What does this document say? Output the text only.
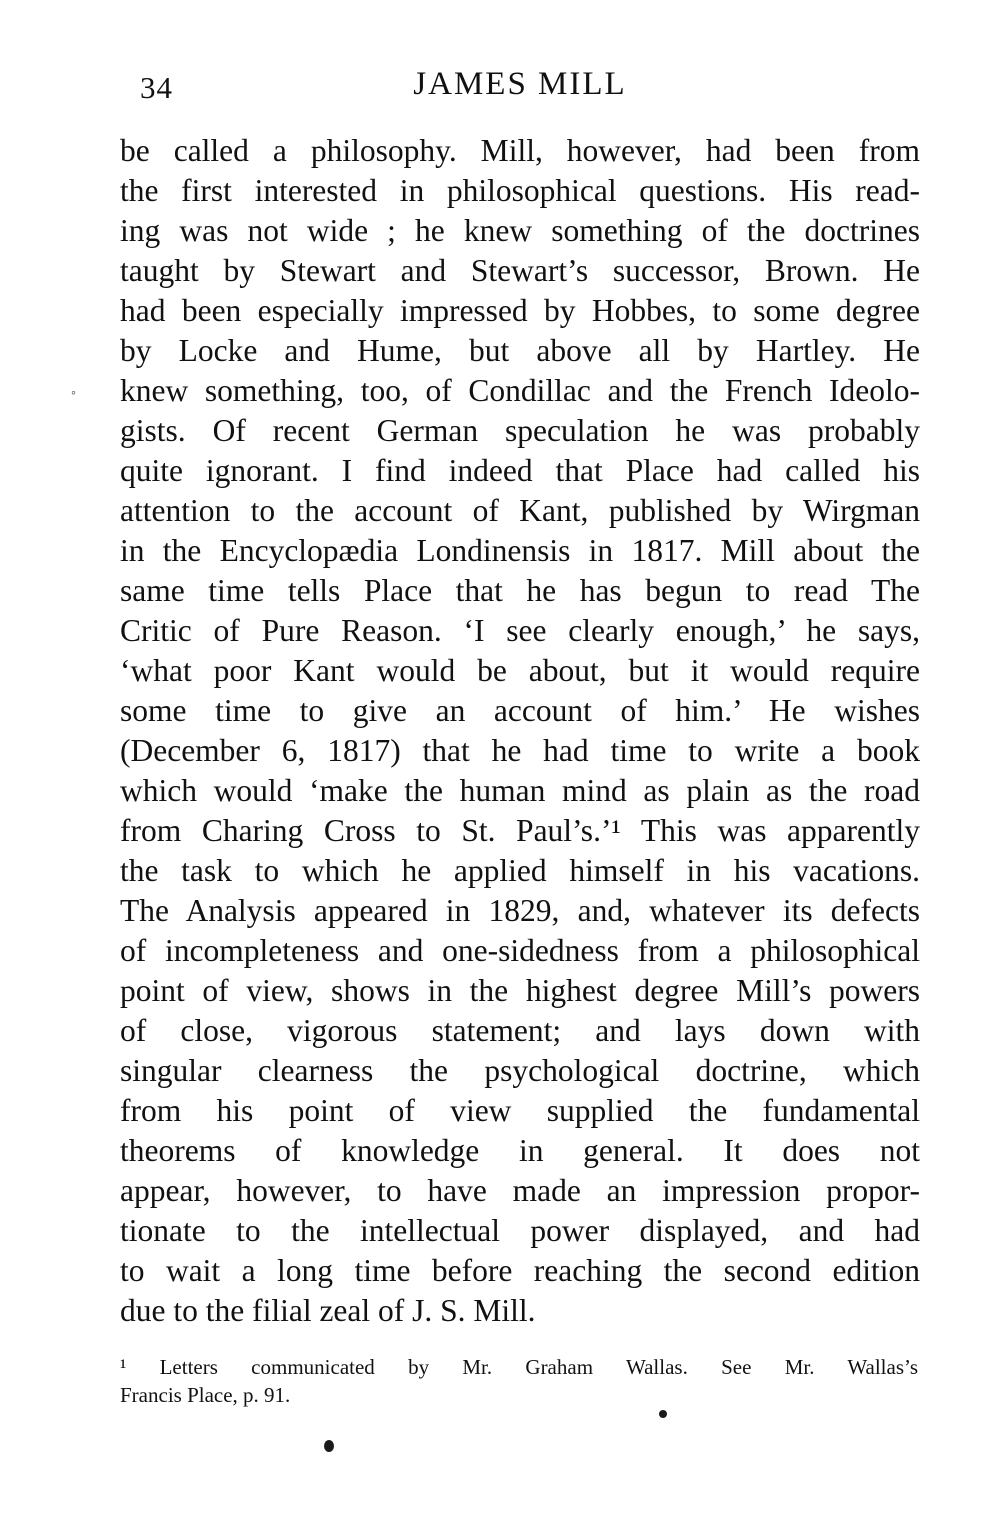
34	JAMES MILL
◦
be called a philosophy. Mill, however, had been from
the first interested in philosophical questions. His read-
ing was not wide ; he knew something of the doctrines
taught by Stewart and Stewart’s successor, Brown. He
had been especially impressed by Hobbes, to some degree
by Locke and Hume, but above all by Hartley. He
knew something, too, of Condillac and the French Ideolo-
gists. Of recent German speculation he was probably
quite ignorant. I find indeed that Place had called his
attention to the account of Kant, published by Wirgman
in the Encyclopædia Londinensis in 1817. Mill about the
same time tells Place that he has begun to read The
Critic of Pure Reason. ‘I see clearly enough,’ he says,
‘what poor Kant would be about, but it would require
some time to give an account of him.’ He wishes
(December 6, 1817) that he had time to write a book
which would ‘make the human mind as plain as the road
from Charing Cross to St. Paul’s.’¹ This was apparently
the task to which he applied himself in his vacations.
The Analysis appeared in 1829, and, whatever its defects
of incompleteness and one-sidedness from a philosophical
point of view, shows in the highest degree Mill’s powers
of close, vigorous statement; and lays down with
singular clearness the psychological doctrine, which
from his point of view supplied the fundamental
theorems of knowledge in general. It does not
appear, however, to have made an impression propor-
tionate to the intellectual power displayed, and had
to wait a long time before reaching the second edition
due to the filial zeal of J. S. Mill.
¹ Letters communicated by Mr. Graham Wallas. See Mr. Wallas’s
Francis Place, p. 91.
